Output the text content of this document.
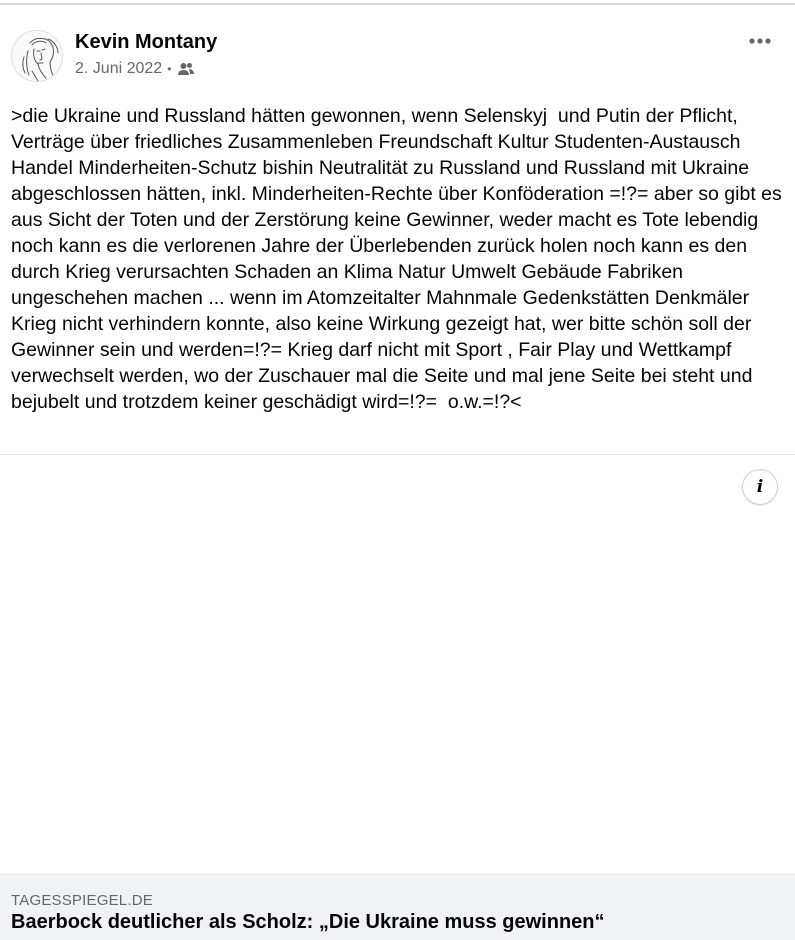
Kevin Montany
2. Juni 2022 •

>die Ukraine und Russland hätten gewonnen, wenn Selenskyj  und Putin der Pflicht, Verträge über friedliches Zusammenleben Freundschaft Kultur Studenten-Austausch Handel Minderheiten-Schutz bishin Neutralität zu Russland und Russland mit Ukraine abgeschlossen hätten, inkl. Minderheiten-Rechte über Konföderation =!?= aber so gibt es aus Sicht der Toten und der Zerstörung keine Gewinner, weder macht es Tote lebendig noch kann es die verlorenen Jahre der Überlebenden zurück holen noch kann es den  durch Krieg verursachten Schaden an Klima Natur Umwelt Gebäude Fabriken ungeschehen machen ... wenn im Atomzeitalter Mahnmale Gedenkstätten Denkmäler Krieg nicht verhindern konnte, also keine Wirkung gezeigt hat, wer bitte schön soll der Gewinner sein und werden=!?= Krieg darf nicht mit Sport , Fair Play und Wettkampf verwechselt werden, wo der Zuschauer mal die Seite und mal jene Seite bei steht und bejubelt und trotzdem keiner geschädigt wird=!?=  o.w.=!?<

i
TAGESSPIEGEL.DE
Baerbock deutlicher als Scholz: „Die Ukraine muss gewinnen“
